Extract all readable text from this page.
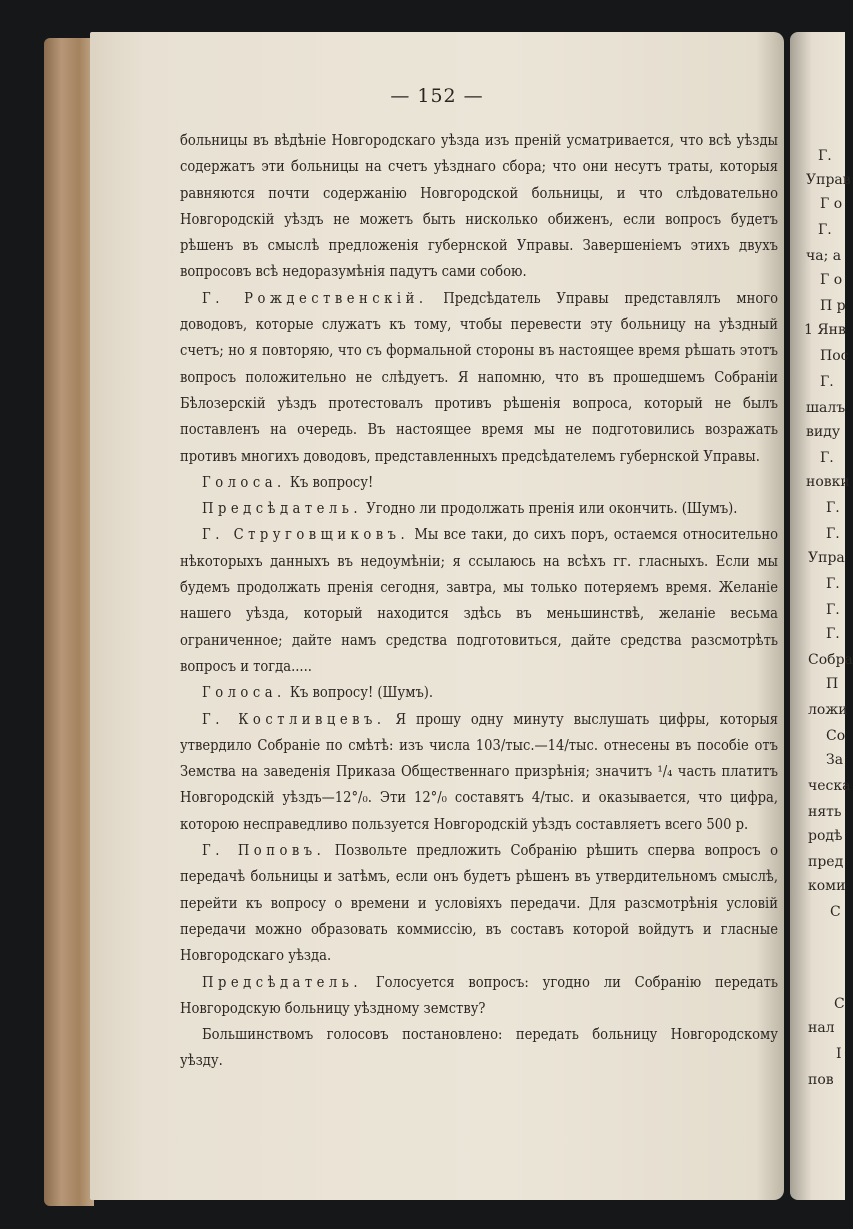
— 152 —

больницы въ вѣдѣніе Новгородскаго уѣзда изъ преній усматривается, что всѣ уѣзды содержатъ эти больницы на счетъ уѣзднаго сбора; что они несутъ траты, которыя равняются почти содержанію Новгородской больницы, и что слѣдовательно Новгородскій уѣздъ не можетъ быть нисколько обиженъ, если вопросъ будетъ рѣшенъ въ смыслѣ предложенія губернской Управы. Завершеніемъ этихъ двухъ вопросовъ всѣ недоразумѣнія падутъ сами собою.

Г. Рождественскій. Предсѣдатель Управы представлялъ много доводовъ, которые служатъ къ тому, чтобы перевести эту больницу на уѣздный счетъ; но я повторяю, что съ формальной стороны въ настоящее время рѣшать этотъ вопросъ положительно не слѣдуетъ. Я напомню, что въ прошедшемъ Собраніи Бѣлозерскій уѣздъ протестовалъ противъ рѣшенія вопроса, который не былъ поставленъ на очередь. Въ настоящее время мы не подготовились возражать противъ многихъ доводовъ, представленныхъ предсѣдателемъ губернской Управы.

Голоса. Къ вопросу!

Предсѣдатель. Угодно ли продолжать пренія или окончить. (Шумъ).

Г. Струговщиковъ. Мы все таки, до сихъ поръ, остаемся относительно нѣкоторыхъ данныхъ въ недоумѣніи; я ссылаюсь на всѣхъ гг. гласныхъ. Если мы будемъ продолжать пренія сегодня, завтра, мы только потеряемъ время. Желаніе нашего уѣзда, который находится здѣсь въ меньшинствѣ, желаніе весьма ограниченное; дайте намъ средства подготовиться, дайте средства разсмотрѣть вопросъ и тогда.....

Голоса. Къ вопросу! (Шумъ).

Г. Костливцевъ. Я прошу одну минуту выслушать цифры, которыя утвердило Собраніе по смѣтѣ: изъ числа 103/тыс.—14/тыс. отнесены въ пособіе отъ Земства на заведенія Приказа Общественнаго призрѣнія; значитъ ¹/₄ часть платитъ Новгородскій уѣздъ—12°/₀. Эти 12°/₀ составятъ 4/тыс. и оказывается, что цифра, которою несправедливо пользуется Новгородскій уѣздъ составляетъ всего 500 р.

Г. Поповъ. Позвольте предложить Собранію рѣшить сперва вопросъ о передачѣ больницы и затѣмъ, если онъ будетъ рѣшенъ въ утвердительномъ смыслѣ, перейти къ вопросу о времени и условіяхъ передачи. Для разсмотрѣнія условій передачи можно образовать коммиссію, въ составъ которой войдутъ и гласные Новгородскаго уѣзда.

Предсѣдатель. Голосуется вопросъ: угодно ли Собранію передать Новгородскую больницу уѣздному земству?

Большинствомъ голосовъ постановлено: передать больницу Новгородскому уѣзду.

Г.
Управ
Г о
Г.
ча; а
Г о
П р
1 Янв
Пос
Г.
шалъ
виду
Г.
новки
Г.
Г.
Упра
Г.
Г.
Г.
Собра
П
ложи
Со
За
ческа
нять
родѣ
пред
коми
С
С
нал
I
пов
